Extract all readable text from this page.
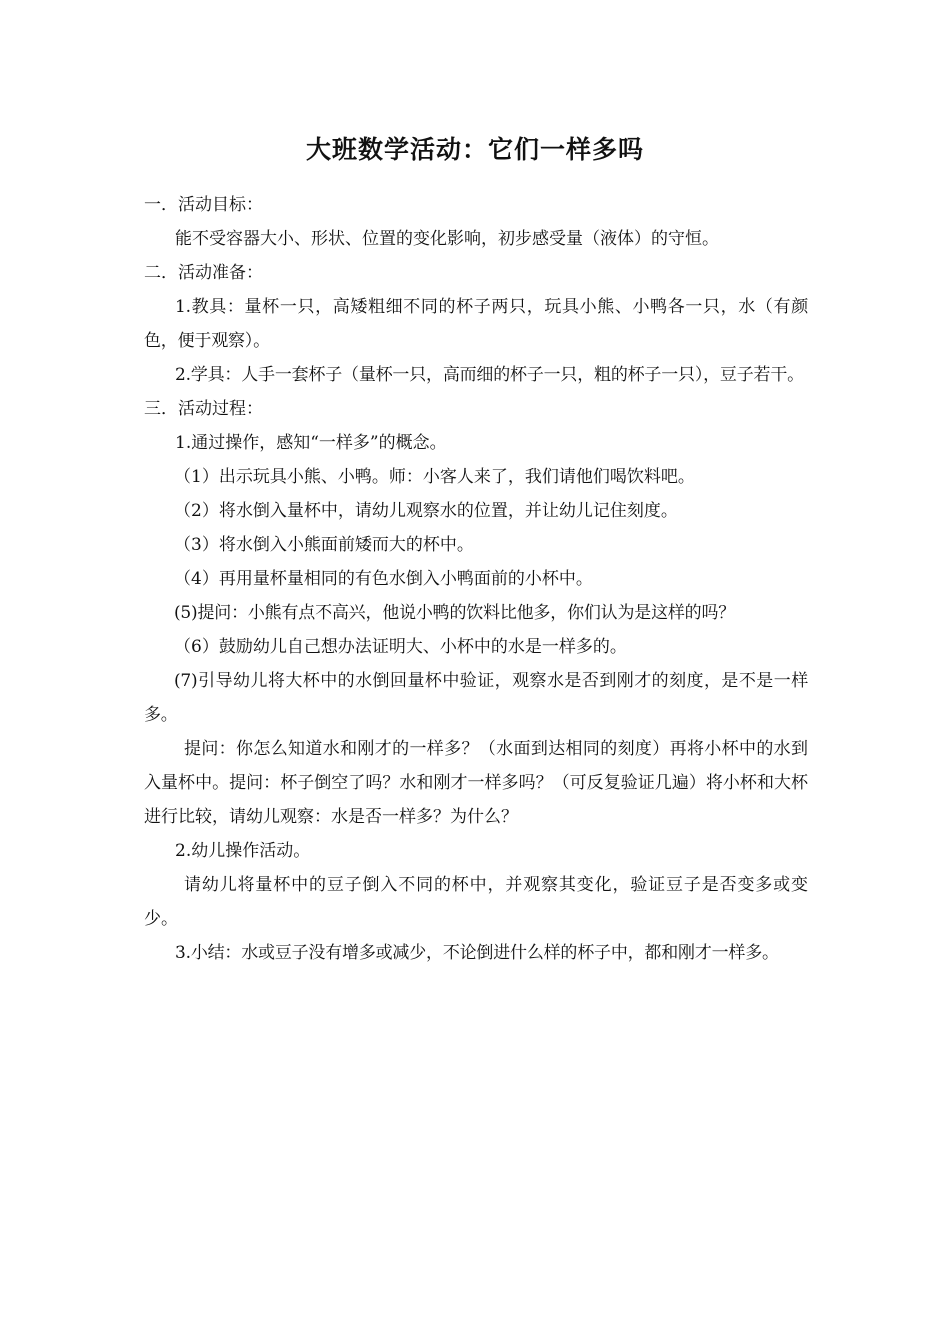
大班数学活动：它们一样多吗

一．活动目标：

能不受容器大小、形状、位置的变化影响，初步感受量（液体）的守恒。

二．活动准备：

1.教具：量杯一只，高矮粗细不同的杯子两只，玩具小熊、小鸭各一只，水（有颜色，便于观察）。

2.学具：人手一套杯子（量杯一只，高而细的杯子一只，粗的杯子一只），豆子若干。

三．活动过程：

1.通过操作，感知“一样多”的概念。

（1）出示玩具小熊、小鸭。师：小客人来了，我们请他们喝饮料吧。

（2）将水倒入量杯中，请幼儿观察水的位置，并让幼儿记住刻度。

（3）将水倒入小熊面前矮而大的杯中。

（4）再用量杯量相同的有色水倒入小鸭面前的小杯中。

(5)提问：小熊有点不高兴，他说小鸭的饮料比他多，你们认为是这样的吗？

（6）鼓励幼儿自己想办法证明大、小杯中的水是一样多的。

(7)引导幼儿将大杯中的水倒回量杯中验证，观察水是否到刚才的刻度，是不是一样多。

提问：你怎么知道水和刚才的一样多？（水面到达相同的刻度）再将小杯中的水到入量杯中。提问：杯子倒空了吗？水和刚才一样多吗？（可反复验证几遍）将小杯和大杯进行比较，请幼儿观察：水是否一样多？为什么？

2.幼儿操作活动。

请幼儿将量杯中的豆子倒入不同的杯中，并观察其变化，验证豆子是否变多或变少。

3.小结：水或豆子没有增多或减少，不论倒进什么样的杯子中，都和刚才一样多。
